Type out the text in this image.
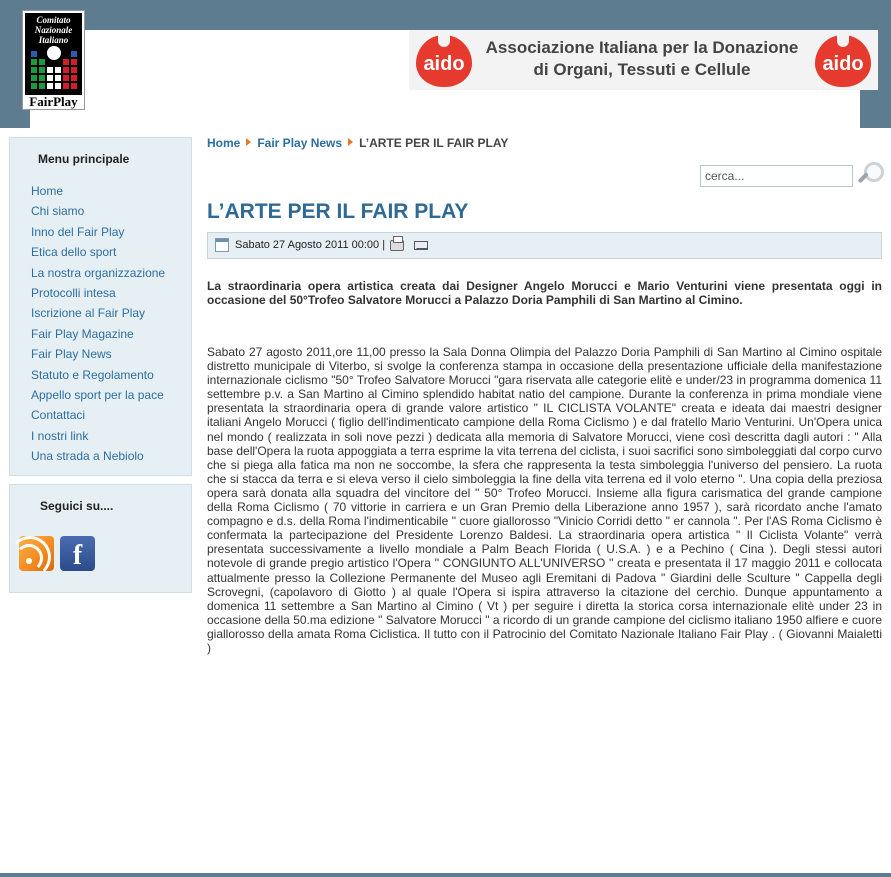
Comitato
Nazionale
Italiano
FairPlay
aido
Associazione Italiana per la Donazione
di Organi, Tessuti e Cellule	aido
Menu principale
Home
Chi siamo
Inno del Fair Play
Etica dello sport
La nostra organizzazione
Protocolli intesa
Iscrizione al Fair Play
Fair Play Magazine
Fair Play News
Statuto e Regolamento
Appello sport per la pace
Contattaci
I nostri link
Una strada a Nebiolo
Seguici su....
f
Home Fair Play News L’ARTE PER IL FAIR PLAY
cerca...
L’ARTE PER IL FAIR PLAY
Sabato 27 Agosto 2011 00:00 |

La straordinaria opera artistica creata dai Designer Angelo Morucci e Mario Venturini viene presentata oggi in occasione del 50°Trofeo Salvatore Morucci a Palazzo Doria Pamphili di San Martino al Cimino.

Sabato 27 agosto 2011,ore 11,00 presso la Sala Donna Olimpia del Palazzo Doria Pamphili di San Martino al Cimino ospitale distretto municipale di Viterbo, si svolge la conferenza stampa in occasione della presentazione ufficiale della manifestazione internazionale ciclismo "50° Trofeo Salvatore Morucci "gara riservata alle categorie elitè e under/23 in programma domenica 11 settembre p.v. a San Martino al Cimino splendido habitat natio del campione. Durante la conferenza in prima mondiale viene presentata la straordinaria opera di grande valore artistico " IL CICLISTA VOLANTE" creata e ideata dai maestri designer italiani Angelo Morucci ( figlio dell'indimenticato campione della Roma Ciclismo ) e dal fratello Mario Venturini. Un'Opera unica nel mondo ( realizzata in soli nove pezzi ) dedicata alla memoria di Salvatore Morucci, viene così descritta dagli autori : " Alla base dell'Opera la ruota appoggiata a terra esprime la vita terrena del ciclista, i suoi sacrifici sono simboleggiati dal corpo curvo che si piega alla fatica ma non ne soccombe, la sfera che rappresenta la testa simboleggia l'universo del pensiero. La ruota che si stacca da terra e si eleva verso il cielo simboleggia la fine della vita terrena ed il volo eterno ". Una copia della preziosa opera sarà donata alla squadra del vincitore del " 50° Trofeo Morucci. Insieme alla figura carismatica del grande campione della Roma Ciclismo ( 70 vittorie in carriera e un Gran Premio della Liberazione anno 1957 ), sarà ricordato anche l'amato compagno e d.s. della Roma l'indimenticabile " cuore giallorosso "Vinicio Corridi detto " er cannola ". Per l'AS Roma Ciclismo è confermata la partecipazione del Presidente Lorenzo Baldesi. La straordinaria opera artistica " Il Ciclista Volante" verrà presentata successivamente a livello mondiale a Palm Beach Florida ( U.S.A. ) e a Pechino ( Cina ). Degli stessi autori notevole di grande pregio artistico l'Opera " CONGIUNTO ALL'UNIVERSO " creata e presentata il 17 maggio 2011 e collocata attualmente presso la Collezione Permanente del Museo agli Eremitani di Padova " Giardini delle Sculture " Cappella degli Scrovegni, (capolavoro di Giotto ) al quale l'Opera si ispira attraverso la citazione del cerchio. Dunque appuntamento a domenica 11 settembre a San Martino al Cimino ( Vt ) per seguire i diretta la storica corsa internazionale elitè under 23 in occasione della 50.ma edizione " Salvatore Morucci " a ricordo di un grande campione del ciclismo italiano 1950 alfiere e cuore giallorosso della amata Roma Ciclistica. Il tutto con il Patrocinio del Comitato Nazionale Italiano Fair Play . ( Giovanni Maialetti )
